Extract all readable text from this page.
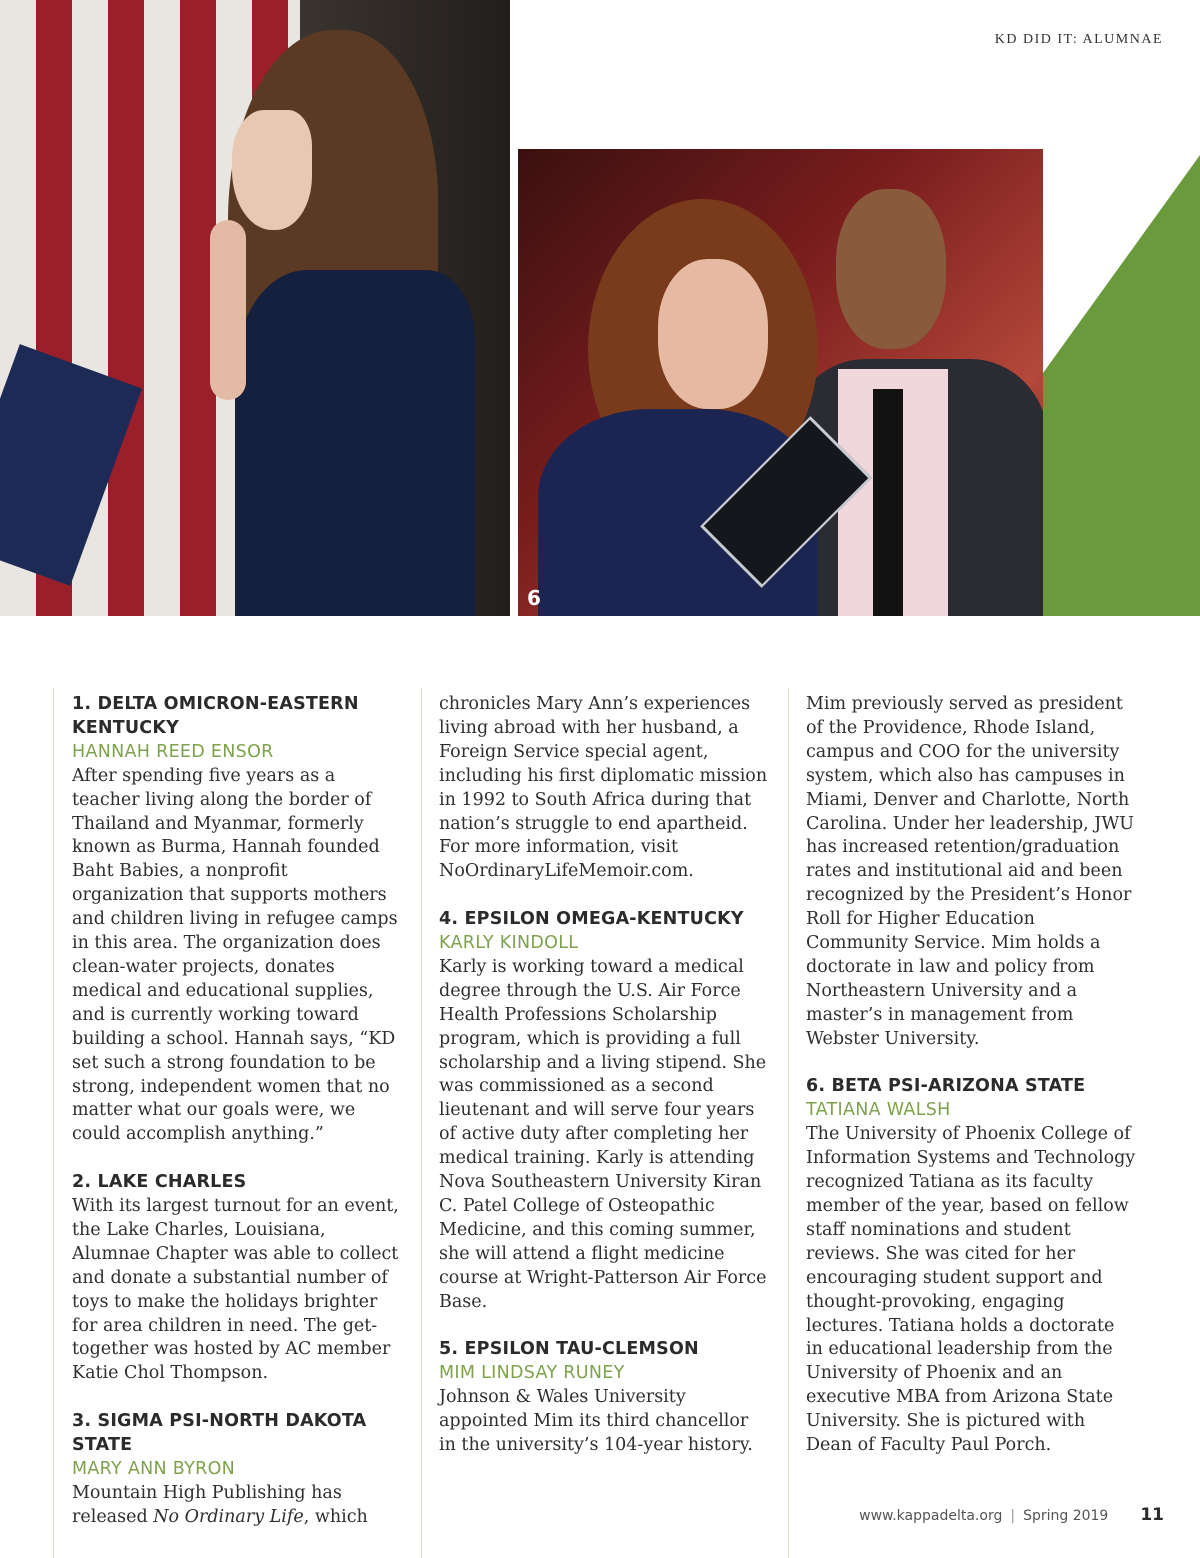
KD DID IT: ALUMNAE
6
1. DELTA OMICRON-EASTERN KENTUCKY
HANNAH REED ENSOR

After spending five years as a teacher living along the border of Thailand and Myanmar, formerly known as Burma, Hannah founded Baht Babies, a nonprofit organization that supports mothers and children living in refugee camps in this area. The organization does clean-water projects, donates medical and educational supplies, and is currently working toward building a school. Hannah says, “KD set such a strong foundation to be strong, independent women that no matter what our goals were, we could accomplish anything.”

2. LAKE CHARLES

With its largest turnout for an event, the Lake Charles, Louisiana, Alumnae Chapter was able to collect and donate a substantial number of toys to make the holidays brighter for area children in need. The get-together was hosted by AC member Katie Chol Thompson.

3. SIGMA PSI-NORTH DAKOTA STATE
MARY ANN BYRON

Mountain High Publishing has released No Ordinary Life, which

chronicles Mary Ann’s experiences living abroad with her husband, a Foreign Service special agent, including his first diplomatic mission in 1992 to South Africa during that nation’s struggle to end apartheid. For more information, visit NoOrdinaryLifeMemoir.com.

4. EPSILON OMEGA-KENTUCKY
KARLY KINDOLL

Karly is working toward a medical degree through the U.S. Air Force Health Professions Scholarship program, which is providing a full scholarship and a living stipend. She was commissioned as a second lieutenant and will serve four years of active duty after completing her medical training. Karly is attending Nova Southeastern University Kiran C. Patel College of Osteopathic Medicine, and this coming summer, she will attend a flight medicine course at Wright-Patterson Air Force Base.

5. EPSILON TAU-CLEMSON
MIM LINDSAY RUNEY

Johnson & Wales University appointed Mim its third chancellor in the university’s 104-year history.

Mim previously served as president of the Providence, Rhode Island, campus and COO for the university system, which also has campuses in Miami, Denver and Charlotte, North Carolina. Under her leadership, JWU has increased retention/graduation rates and institutional aid and been recognized by the President’s Honor Roll for Higher Education Community Service. Mim holds a doctorate in law and policy from Northeastern University and a master’s in management from Webster University.

6. BETA PSI-ARIZONA STATE
TATIANA WALSH

The University of Phoenix College of Information Systems and Technology recognized Tatiana as its faculty member of the year, based on fellow staff nominations and student reviews. She was cited for her encouraging student support and thought-provoking, engaging lectures. Tatiana holds a doctorate in educational leadership from the University of Phoenix and an executive MBA from Arizona State University. She is pictured with Dean of Faculty Paul Porch.

www.kappadelta.org | Spring 2019 11
